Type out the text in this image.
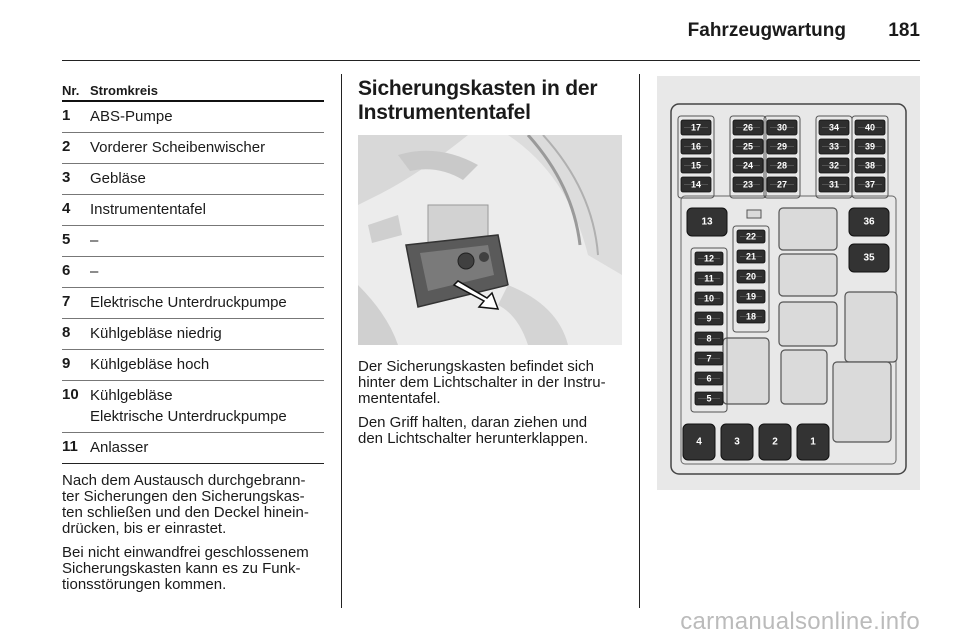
Fahrzeugwartung 181
Nr. Stromkreis
1	ABS-Pumpe
2	Vorderer Scheibenwischer
3	Gebläse
4	Instrumententafel
5	–
6	–
7	Elektrische Unterdruckpumpe
8	Kühlgebläse niedrig
9	Kühlgebläse hoch
10 Kühlgebläse
Elektrische Unterdruckpumpe
11 Anlasser
Nach dem Austausch durchgebrann-
ter Sicherungen den Sicherungskas-
ten schließen und den Deckel hinein-
drücken, bis er einrastet.
Bei nicht einwandfrei geschlossenem
Sicherungskasten kann es zu Funk-
tionsstörungen kommen.
Sicherungskasten in der
Instrumententafel
Der Sicherungskasten befindet sich
hinter dem Lichtschalter in der Instru-
mententafel.
Den Griff halten, daran ziehen und
den Lichtschalter herunterklappen.
17
16
15
14
26
25
24
23
30
29
28
27
34
33
32
31
40
39
38
37
13	36
35
12
11
10
9
8
7
6
5
22
21
20
19
18
4	3	2	1
carmanualsonline.info
